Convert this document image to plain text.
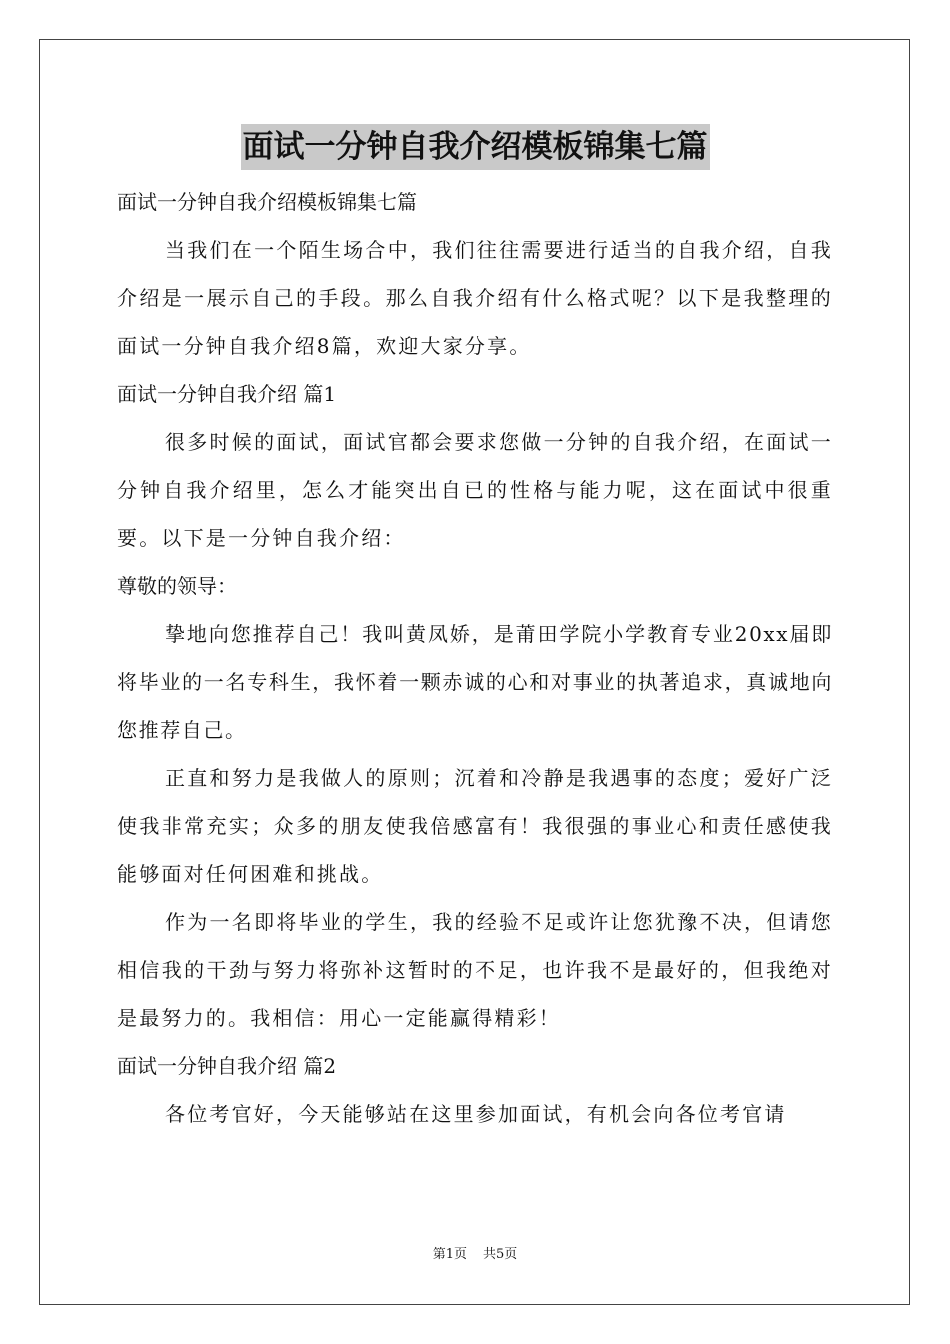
面试一分钟自我介绍模板锦集七篇
面试一分钟自我介绍模板锦集七篇
当我们在一个陌生场合中，我们往往需要进行适当的自我介绍，自我介绍是一展示自己的手段。那么自我介绍有什么格式呢？以下是我整理的面试一分钟自我介绍8篇，欢迎大家分享。
面试一分钟自我介绍 篇1
很多时候的面试，面试官都会要求您做一分钟的自我介绍，在面试一分钟自我介绍里，怎么才能突出自已的性格与能力呢，这在面试中很重要。以下是一分钟自我介绍：
尊敬的领导：
挚地向您推荐自己！我叫黄凤娇，是莆田学院小学教育专业20xx届即将毕业的一名专科生，我怀着一颗赤诚的心和对事业的执著追求，真诚地向您推荐自己。
正直和努力是我做人的原则；沉着和冷静是我遇事的态度；爱好广泛使我非常充实；众多的朋友使我倍感富有！我很强的事业心和责任感使我能够面对任何困难和挑战。
作为一名即将毕业的学生，我的经验不足或许让您犹豫不决，但请您相信我的干劲与努力将弥补这暂时的不足，也许我不是最好的，但我绝对是最努力的。我相信：用心一定能赢得精彩！
面试一分钟自我介绍 篇2
各位考官好，今天能够站在这里参加面试，有机会向各位考官请
第1页 共5页
